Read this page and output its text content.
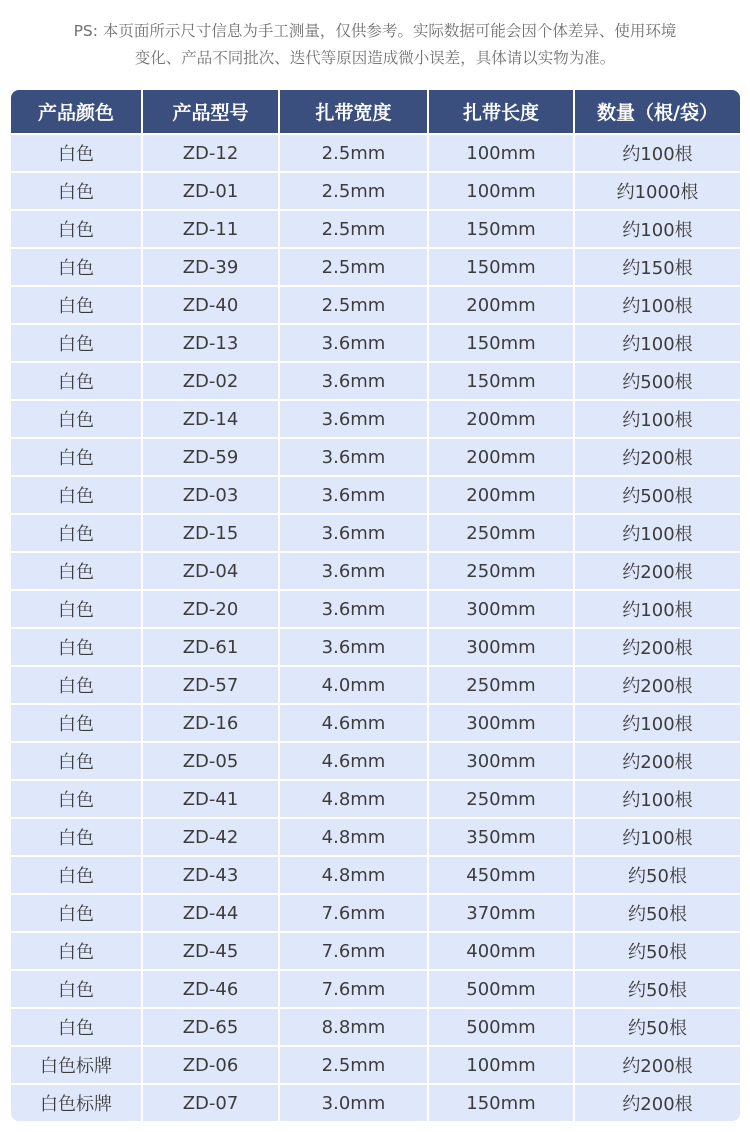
PS: 本页面所示尺寸信息为手工测量，仅供参考。实际数据可能会因个体差异、使用环境
变化、产品不同批次、迭代等原因造成微小误差，具体请以实物为准。
产品颜色	产品型号	扎带宽度	扎带长度	数量（根/袋）
白色	ZD-12	2.5mm	100mm	约100根
白色	ZD-01	2.5mm	100mm	约1000根
白色	ZD-11	2.5mm	150mm	约100根
白色	ZD-39	2.5mm	150mm	约150根
白色	ZD-40	2.5mm	200mm	约100根
白色	ZD-13	3.6mm	150mm	约100根
白色	ZD-02	3.6mm	150mm	约500根
白色	ZD-14	3.6mm	200mm	约100根
白色	ZD-59	3.6mm	200mm	约200根
白色	ZD-03	3.6mm	200mm	约500根
白色	ZD-15	3.6mm	250mm	约100根
白色	ZD-04	3.6mm	250mm	约200根
白色	ZD-20	3.6mm	300mm	约100根
白色	ZD-61	3.6mm	300mm	约200根
白色	ZD-57	4.0mm	250mm	约200根
白色	ZD-16	4.6mm	300mm	约100根
白色	ZD-05	4.6mm	300mm	约200根
白色	ZD-41	4.8mm	250mm	约100根
白色	ZD-42	4.8mm	350mm	约100根
白色	ZD-43	4.8mm	450mm	约50根
白色	ZD-44	7.6mm	370mm	约50根
白色	ZD-45	7.6mm	400mm	约50根
白色	ZD-46	7.6mm	500mm	约50根
白色	ZD-65	8.8mm	500mm	约50根
白色标牌	ZD-06	2.5mm	100mm	约200根
白色标牌	ZD-07	3.0mm	150mm	约200根
